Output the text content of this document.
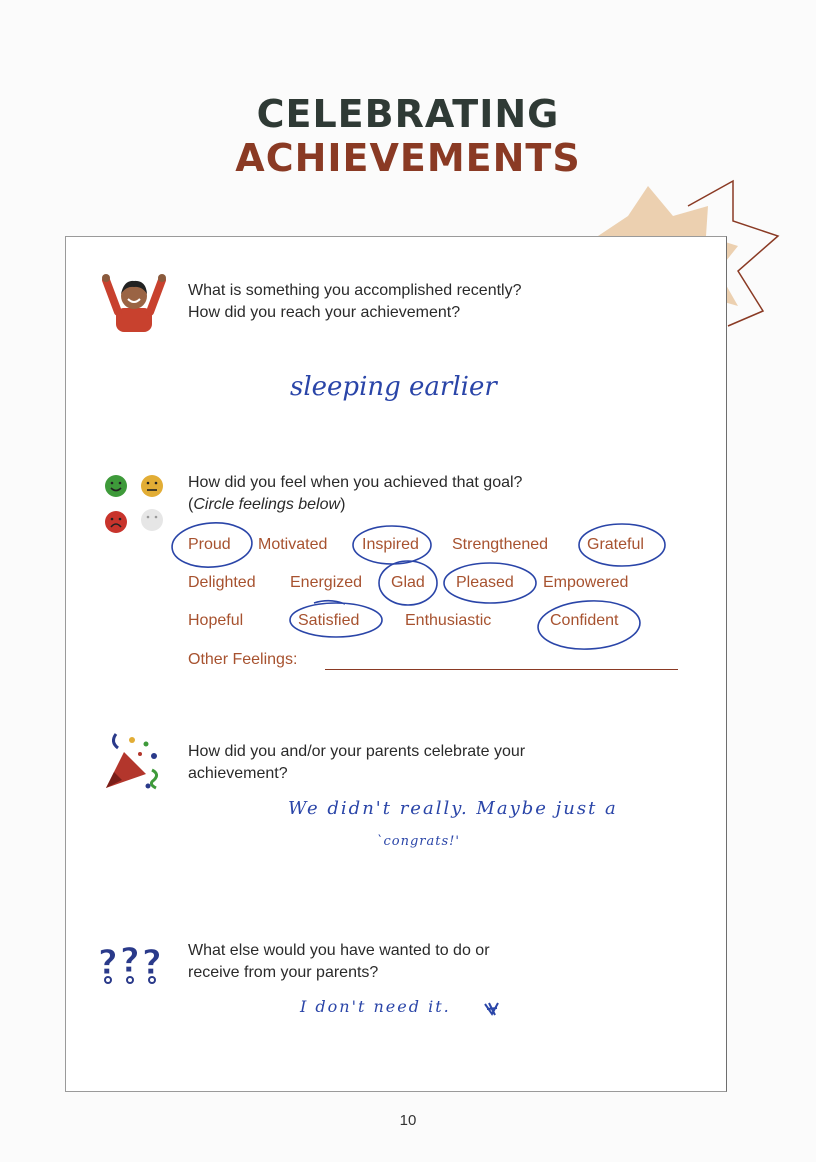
CELEBRATING
ACHIEVEMENTS
What is something you accomplished recently?
How did you reach your achievement?
sleeping earlier
How did you feel when you achieved that goal?
(Circle feelings below)
Proud Motivated Inspired Strengthened Grateful
Delighted Energized Glad Pleased Empowered
Hopeful	Satisfied	Enthusiastic	Confident
Other Feelings:
How did you and/or your parents celebrate your
achievement?
We didn't really. Maybe just a
`congrats!'
? ? ? What else would you have wanted to do or
receive from your parents?
I don't need it.
10
